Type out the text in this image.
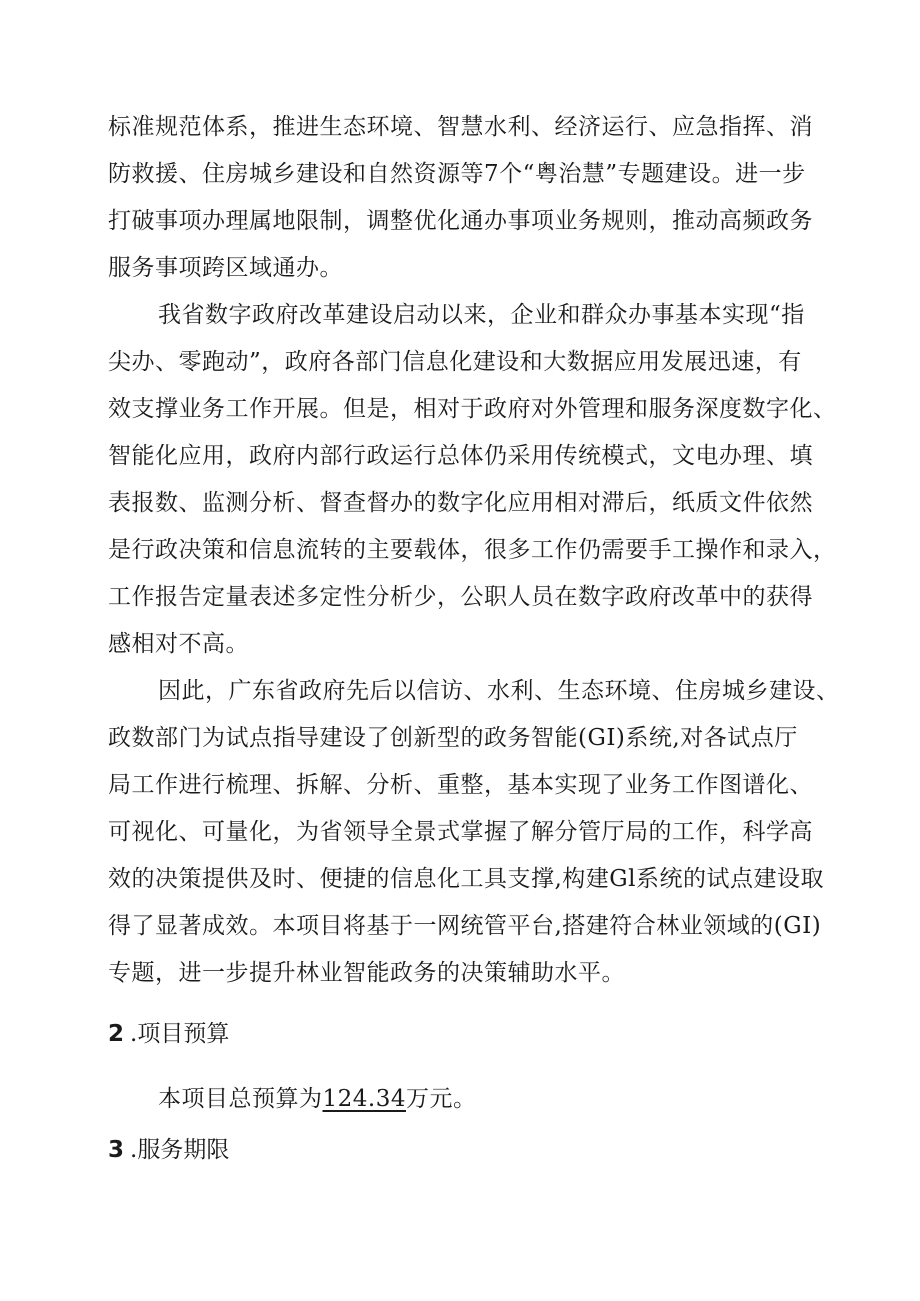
标准规范体系，推进生态环境、智慧水利、经济运行、应急指挥、消
防救援、住房城乡建设和自然资源等7个“粤治慧”专题建设。进一步
打破事项办理属地限制，调整优化通办事项业务规则，推动高频政务
服务事项跨区域通办。
我省数字政府改革建设启动以来，企业和群众办事基本实现“指
尖办、零跑动”，政府各部门信息化建设和大数据应用发展迅速，有
效支撑业务工作开展。但是，相对于政府对外管理和服务深度数字化、
智能化应用，政府内部行政运行总体仍采用传统模式，文电办理、填
表报数、监测分析、督查督办的数字化应用相对滞后，纸质文件依然
是行政决策和信息流转的主要载体，很多工作仍需要手工操作和录入，
工作报告定量表述多定性分析少，公职人员在数字政府改革中的获得
感相对不高。
因此，广东省政府先后以信访、水利、生态环境、住房城乡建设、
政数部门为试点指导建设了创新型的政务智能(GI)系统,对各试点厅
局工作进行梳理、拆解、分析、重整，基本实现了业务工作图谱化、
可视化、可量化，为省领导全景式掌握了解分管厅局的工作，科学高
效的决策提供及时、便捷的信息化工具支撑,构建Gl系统的试点建设取
得了显著成效。本项目将基于一网统管平台,搭建符合林业领域的(GI)
专题，进一步提升林业智能政务的决策辅助水平。
2 .项目预算
本项目总预算为124.34万元。
3 .服务期限
